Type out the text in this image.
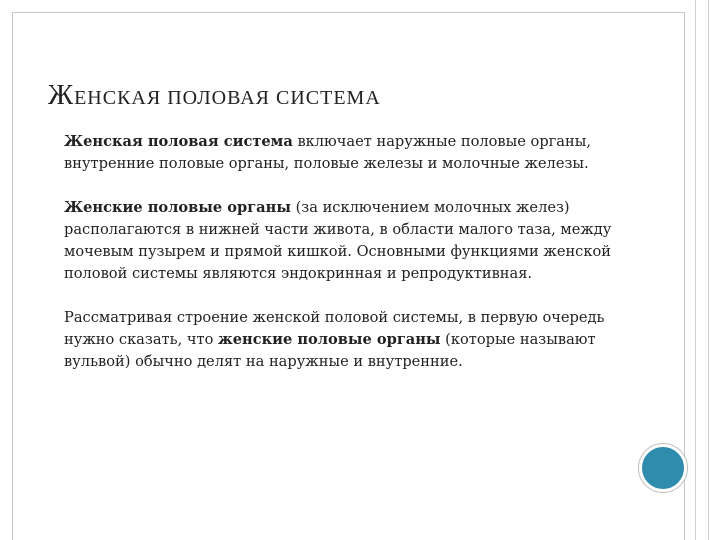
ЖЕНСКАЯ ПОЛОВАЯ СИСТЕМА

Женская половая система включает наружные половые органы, внутренние половые органы, половые железы и молочные железы.

Женские половые органы (за исключением молочных желез) располагаются в нижней части живота, в области малого таза, между мочевым пузырем и прямой кишкой. Основными функциями женской половой системы являются эндокринная и репродуктивная.

Рассматривая строение женской половой системы, в первую очередь нужно сказать, что женские половые органы (которые называют вульвой) обычно делят на наружные и внутренние.
